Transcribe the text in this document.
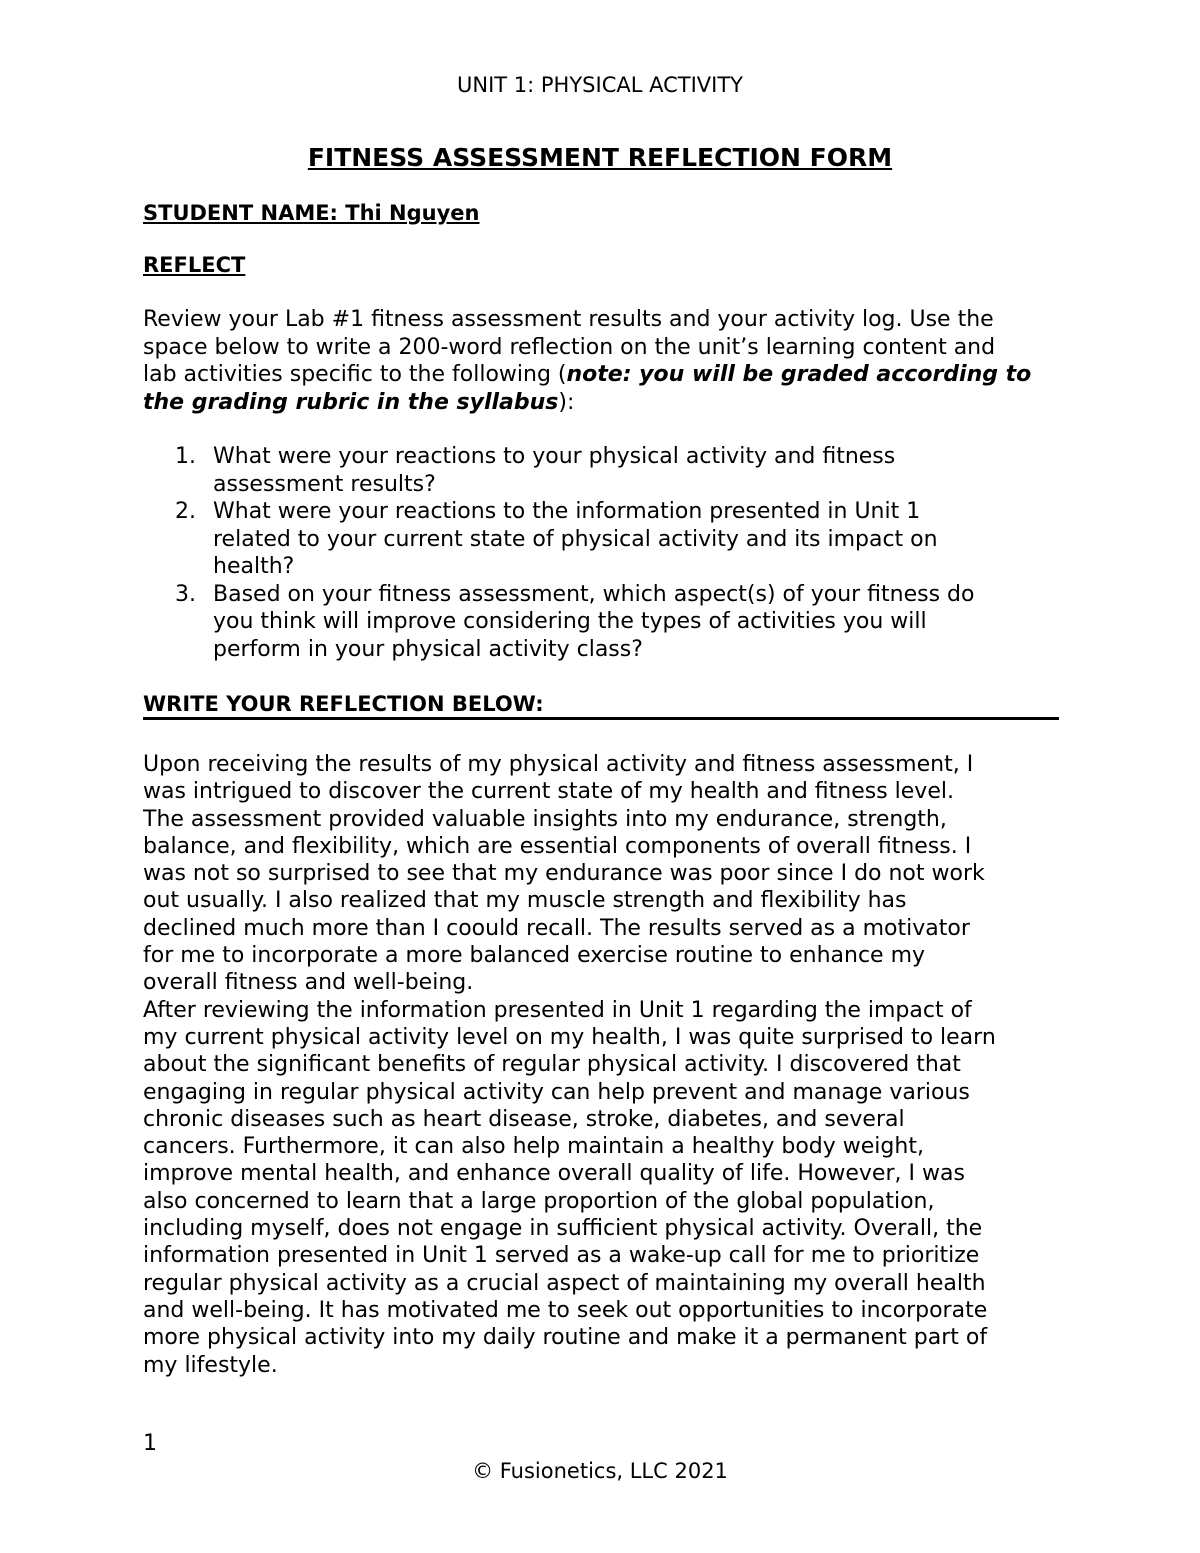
UNIT 1: PHYSICAL ACTIVITY
FITNESS ASSESSMENT REFLECTION FORM
STUDENT NAME: Thi Nguyen
REFLECT
Review your Lab #1 fitness assessment results and your activity log. Use the
space below to write a 200-word reflection on the unit’s learning content and
lab activities specific to the following (note: you will be graded according to
the grading rubric in the syllabus):
1. What were your reactions to your physical activity and fitness
assessment results?
2. What were your reactions to the information presented in Unit 1
related to your current state of physical activity and its impact on
health?
3. Based on your fitness assessment, which aspect(s) of your fitness do
you think will improve considering the types of activities you will
perform in your physical activity class?
WRITE YOUR REFLECTION BELOW:
Upon receiving the results of my physical activity and fitness assessment, I
was intrigued to discover the current state of my health and fitness level.
The assessment provided valuable insights into my endurance, strength,
balance, and flexibility, which are essential components of overall fitness. I
was not so surprised to see that my endurance was poor since I do not work
out usually. I also realized that my muscle strength and flexibility has
declined much more than I coould recall. The results served as a motivator
for me to incorporate a more balanced exercise routine to enhance my
overall fitness and well-being.
After reviewing the information presented in Unit 1 regarding the impact of
my current physical activity level on my health, I was quite surprised to learn
about the significant benefits of regular physical activity. I discovered that
engaging in regular physical activity can help prevent and manage various
chronic diseases such as heart disease, stroke, diabetes, and several
cancers. Furthermore, it can also help maintain a healthy body weight,
improve mental health, and enhance overall quality of life. However, I was
also concerned to learn that a large proportion of the global population,
including myself, does not engage in sufficient physical activity. Overall, the
information presented in Unit 1 served as a wake-up call for me to prioritize
regular physical activity as a crucial aspect of maintaining my overall health
and well-being. It has motivated me to seek out opportunities to incorporate
more physical activity into my daily routine and make it a permanent part of
my lifestyle.
1
© Fusionetics, LLC 2021
